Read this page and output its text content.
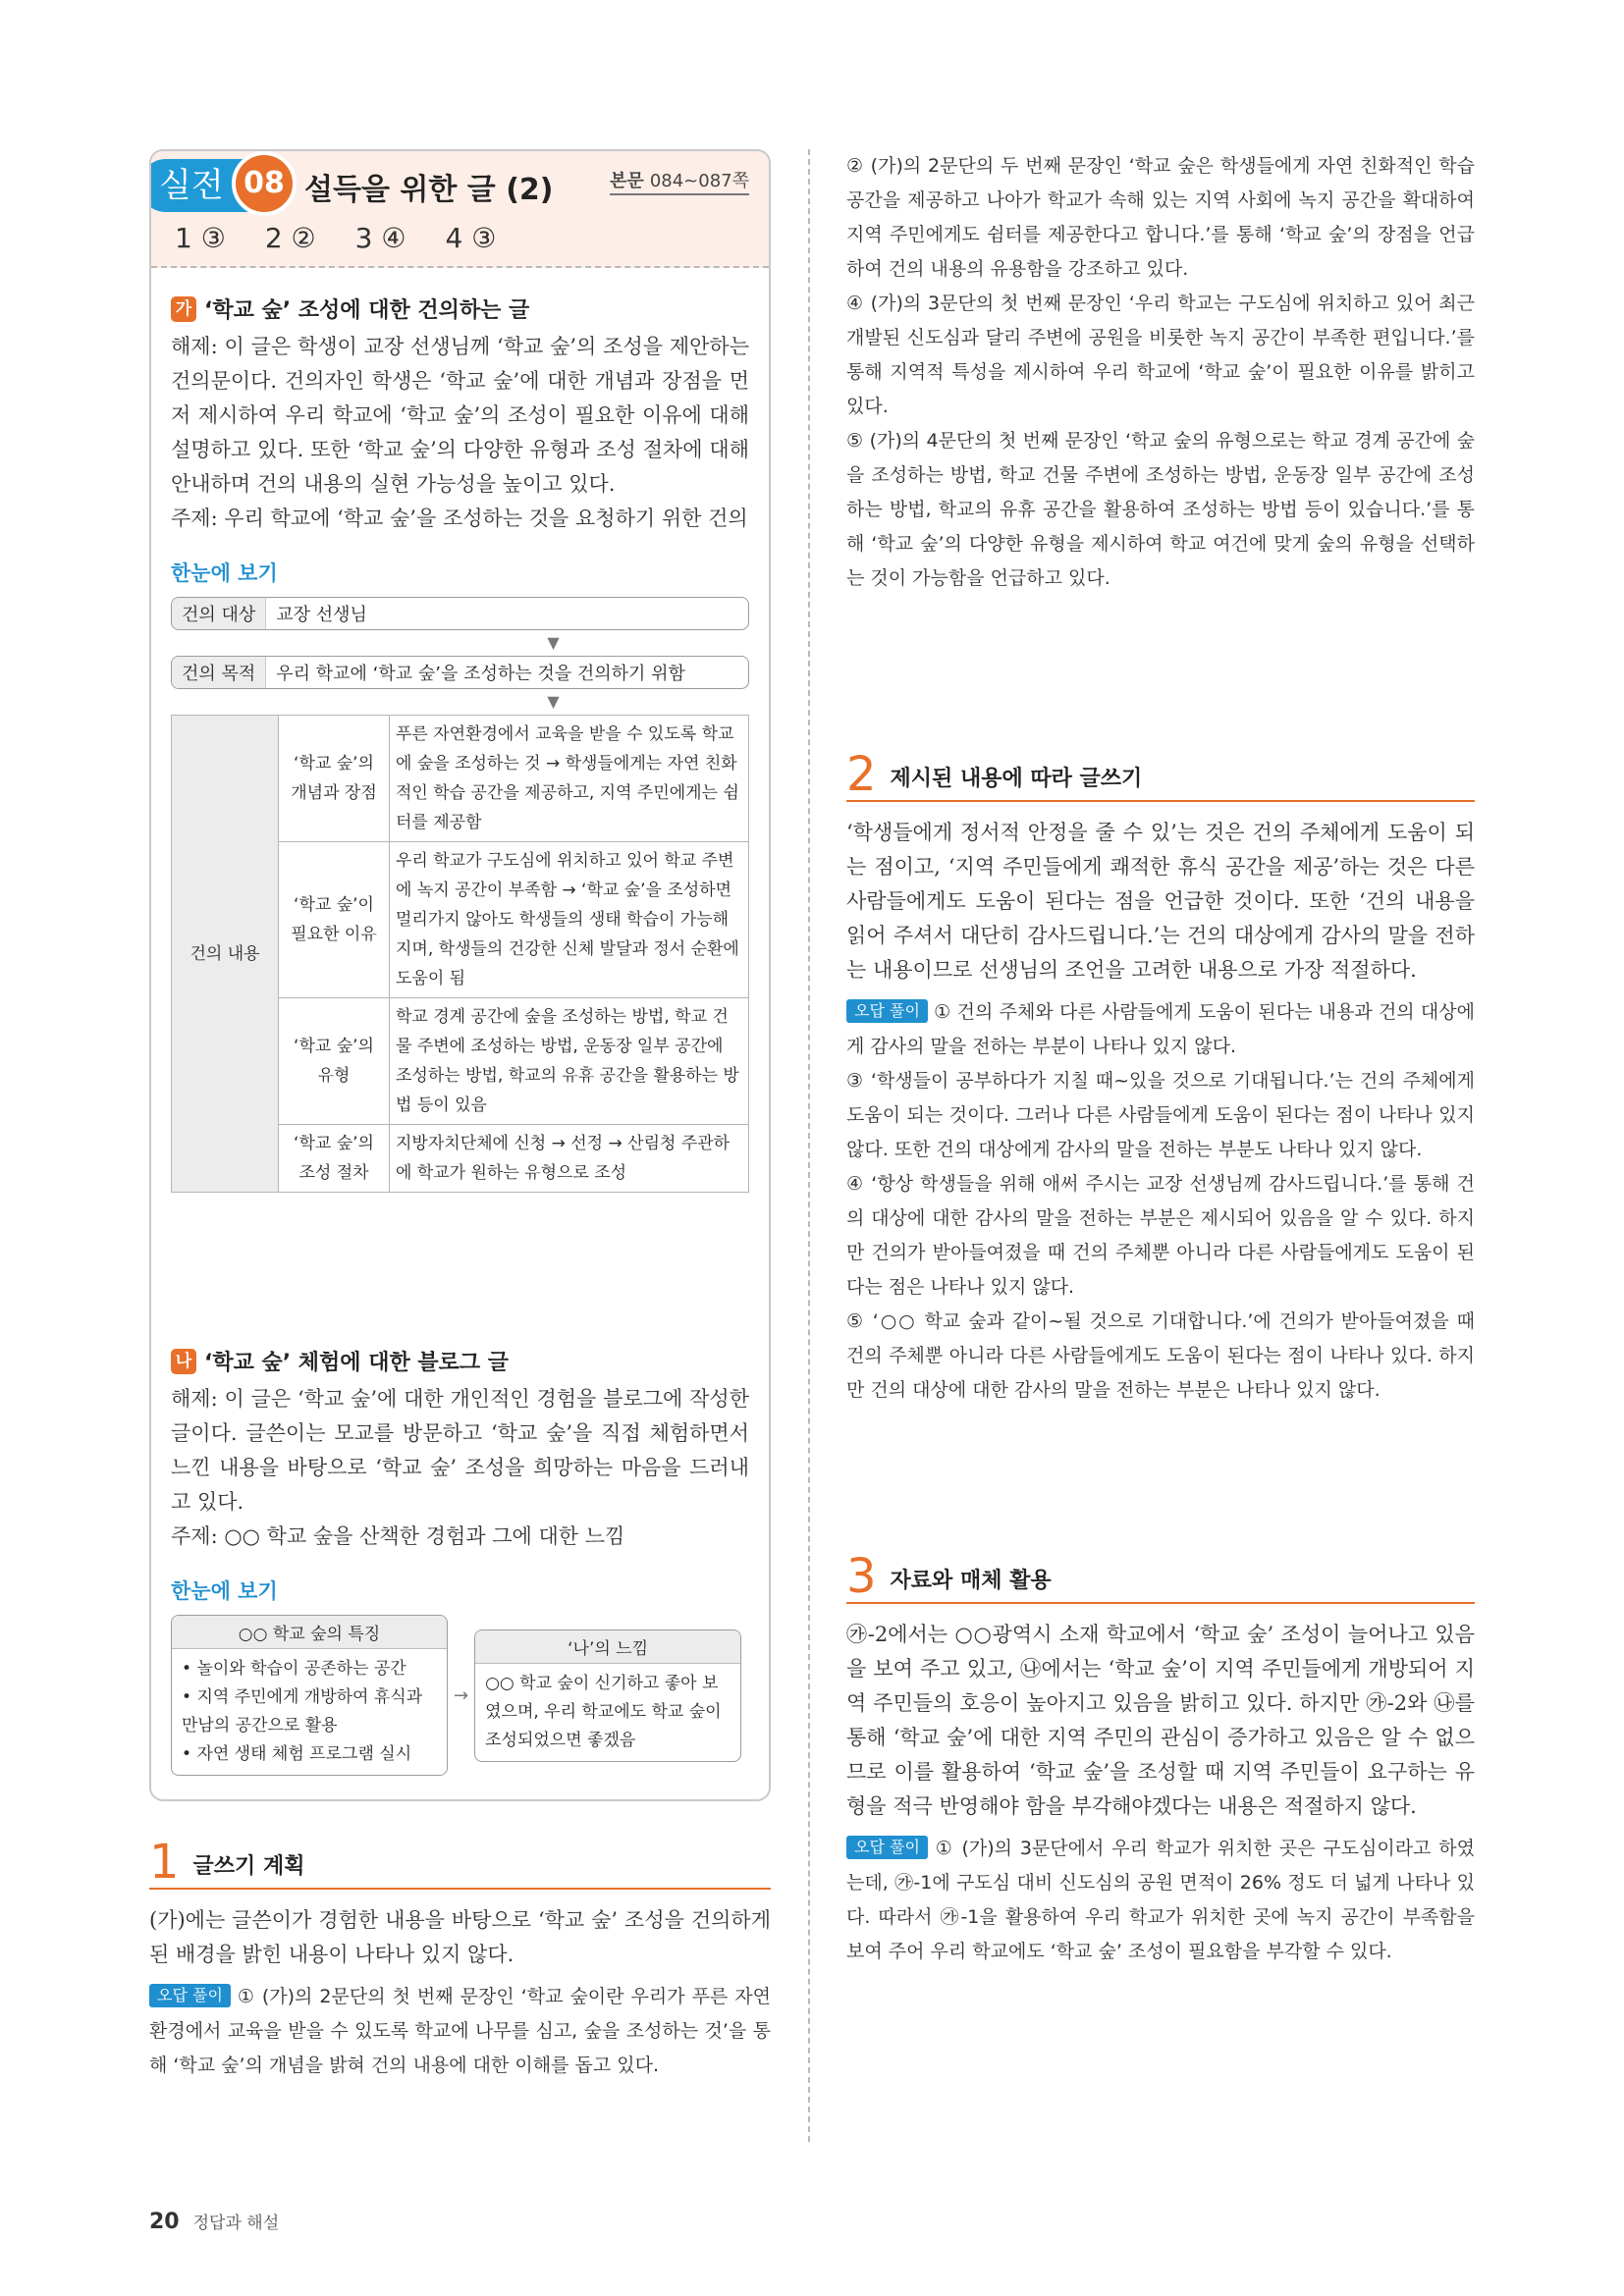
실전 08 설득을 위한 글 (2)	본문 084~087쪽
1 ③ 2 ② 3 ④ 4 ③
가 ‘학교 숲’ 조성에 대한 건의하는 글
해제: 이 글은 학생이 교장 선생님께 ‘학교 숲’의 조성을 제안하는 건의문이다. 건의자인 학생은 ‘학교 숲’에 대한 개념과 장점을 먼저 제시하여 우리 학교에 ‘학교 숲’의 조성이 필요한 이유에 대해 설명하고 있다. 또한 ‘학교 숲’의 다양한 유형과 조성 절차에 대해 안내하며 건의 내용의 실현 가능성을 높이고 있다.
주제: 우리 학교에 ‘학교 숲’을 조성하는 것을 요청하기 위한 건의
한눈에 보기
건의 대상	교장 선생님
▼
건의 목적	우리 학교에 ‘학교 숲’을 조성하는 것을 건의하기 위함
▼
건의 내용	‘학교 숲’의 개념과 장점	푸른 자연환경에서 교육을 받을 수 있도록 학교에 숲을 조성하는 것 → 학생들에게는 자연 친화적인 학습 공간을 제공하고, 지역 주민에게는 쉼터를 제공함
	‘학교 숲’이 필요한 이유	우리 학교가 구도심에 위치하고 있어 학교 주변에 녹지 공간이 부족함 → ‘학교 숲’을 조성하면 멀리가지 않아도 학생들의 생태 학습이 가능해지며, 학생들의 건강한 신체 발달과 정서 순환에 도움이 됨
	‘학교 숲’의 유형	학교 경계 공간에 숲을 조성하는 방법, 학교 건물 주변에 조성하는 방법, 운동장 일부 공간에 조성하는 방법, 학교의 유휴 공간을 활용하는 방법 등이 있음
	‘학교 숲’의 조성 절차	지방자치단체에 신청 → 선정 → 산림청 주관하에 학교가 원하는 유형으로 조성
나 ‘학교 숲’ 체험에 대한 블로그 글
해제: 이 글은 ‘학교 숲’에 대한 개인적인 경험을 블로그에 작성한 글이다. 글쓴이는 모교를 방문하고 ‘학교 숲’을 직접 체험하면서 느낀 내용을 바탕으로 ‘학교 숲’ 조성을 희망하는 마음을 드러내고 있다.
주제: ○○ 학교 숲을 산책한 경험과 그에 대한 느낌
한눈에 보기
○○ 학교 숲의 특징
• 놀이와 학습이 공존하는 공간
• 지역 주민에게 개방하여 휴식과 만남의 공간으로 활용
• 자연 생태 체험 프로그램 실시
→
‘나’의 느낌
○○ 학교 숲이 신기하고 좋아 보였으며, 우리 학교에도 학교 숲이 조성되었으면 좋겠음
1 글쓰기 계획
(가)에는 글쓴이가 경험한 내용을 바탕으로 ‘학교 숲’ 조성을 건의하게 된 배경을 밝힌 내용이 나타나 있지 않다.
오답 풀이 ① (가)의 2문단의 첫 번째 문장인 ‘학교 숲이란 우리가 푸른 자연환경에서 교육을 받을 수 있도록 학교에 나무를 심고, 숲을 조성하는 것’을 통해 ‘학교 숲’의 개념을 밝혀 건의 내용에 대한 이해를 돕고 있다.
② (가)의 2문단의 두 번째 문장인 ‘학교 숲은 학생들에게 자연 친화적인 학습 공간을 제공하고 나아가 학교가 속해 있는 지역 사회에 녹지 공간을 확대하여 지역 주민에게도 쉼터를 제공한다고 합니다.’를 통해 ‘학교 숲’의 장점을 언급하여 건의 내용의 유용함을 강조하고 있다.
④ (가)의 3문단의 첫 번째 문장인 ‘우리 학교는 구도심에 위치하고 있어 최근 개발된 신도심과 달리 주변에 공원을 비롯한 녹지 공간이 부족한 편입니다.’를 통해 지역적 특성을 제시하여 우리 학교에 ‘학교 숲’이 필요한 이유를 밝히고 있다.
⑤ (가)의 4문단의 첫 번째 문장인 ‘학교 숲의 유형으로는 학교 경계 공간에 숲을 조성하는 방법, 학교 건물 주변에 조성하는 방법, 운동장 일부 공간에 조성하는 방법, 학교의 유휴 공간을 활용하여 조성하는 방법 등이 있습니다.’를 통해 ‘학교 숲’의 다양한 유형을 제시하여 학교 여건에 맞게 숲의 유형을 선택하는 것이 가능함을 언급하고 있다.
2 제시된 내용에 따라 글쓰기
‘학생들에게 정서적 안정을 줄 수 있’는 것은 건의 주체에게 도움이 되는 점이고, ‘지역 주민들에게 쾌적한 휴식 공간을 제공’하는 것은 다른 사람들에게도 도움이 된다는 점을 언급한 것이다. 또한 ‘건의 내용을 읽어 주셔서 대단히 감사드립니다.’는 건의 대상에게 감사의 말을 전하는 내용이므로 선생님의 조언을 고려한 내용으로 가장 적절하다.
오답 풀이 ① 건의 주체와 다른 사람들에게 도움이 된다는 내용과 건의 대상에게 감사의 말을 전하는 부분이 나타나 있지 않다.
③ ‘학생들이 공부하다가 지칠 때~있을 것으로 기대됩니다.’는 건의 주체에게 도움이 되는 것이다. 그러나 다른 사람들에게 도움이 된다는 점이 나타나 있지 않다. 또한 건의 대상에게 감사의 말을 전하는 부분도 나타나 있지 않다.
④ ‘항상 학생들을 위해 애써 주시는 교장 선생님께 감사드립니다.’를 통해 건의 대상에 대한 감사의 말을 전하는 부분은 제시되어 있음을 알 수 있다. 하지만 건의가 받아들여졌을 때 건의 주체뿐 아니라 다른 사람들에게도 도움이 된다는 점은 나타나 있지 않다.
⑤ ‘○○ 학교 숲과 같이~될 것으로 기대합니다.’에 건의가 받아들여졌을 때 건의 주체뿐 아니라 다른 사람들에게도 도움이 된다는 점이 나타나 있다. 하지만 건의 대상에 대한 감사의 말을 전하는 부분은 나타나 있지 않다.
3 자료와 매체 활용
㉮-2에서는 ○○광역시 소재 학교에서 ‘학교 숲’ 조성이 늘어나고 있음을 보여 주고 있고, ㉯에서는 ‘학교 숲’이 지역 주민들에게 개방되어 지역 주민들의 호응이 높아지고 있음을 밝히고 있다. 하지만 ㉮-2와 ㉯를 통해 ‘학교 숲’에 대한 지역 주민의 관심이 증가하고 있음은 알 수 없으므로 이를 활용하여 ‘학교 숲’을 조성할 때 지역 주민들이 요구하는 유형을 적극 반영해야 함을 부각해야겠다는 내용은 적절하지 않다.
오답 풀이 ① (가)의 3문단에서 우리 학교가 위치한 곳은 구도심이라고 하였는데, ㉮-1에 구도심 대비 신도심의 공원 면적이 26% 정도 더 넓게 나타나 있다. 따라서 ㉮-1을 활용하여 우리 학교가 위치한 곳에 녹지 공간이 부족함을 보여 주어 우리 학교에도 ‘학교 숲’ 조성이 필요함을 부각할 수 있다.
20 정답과 해설
